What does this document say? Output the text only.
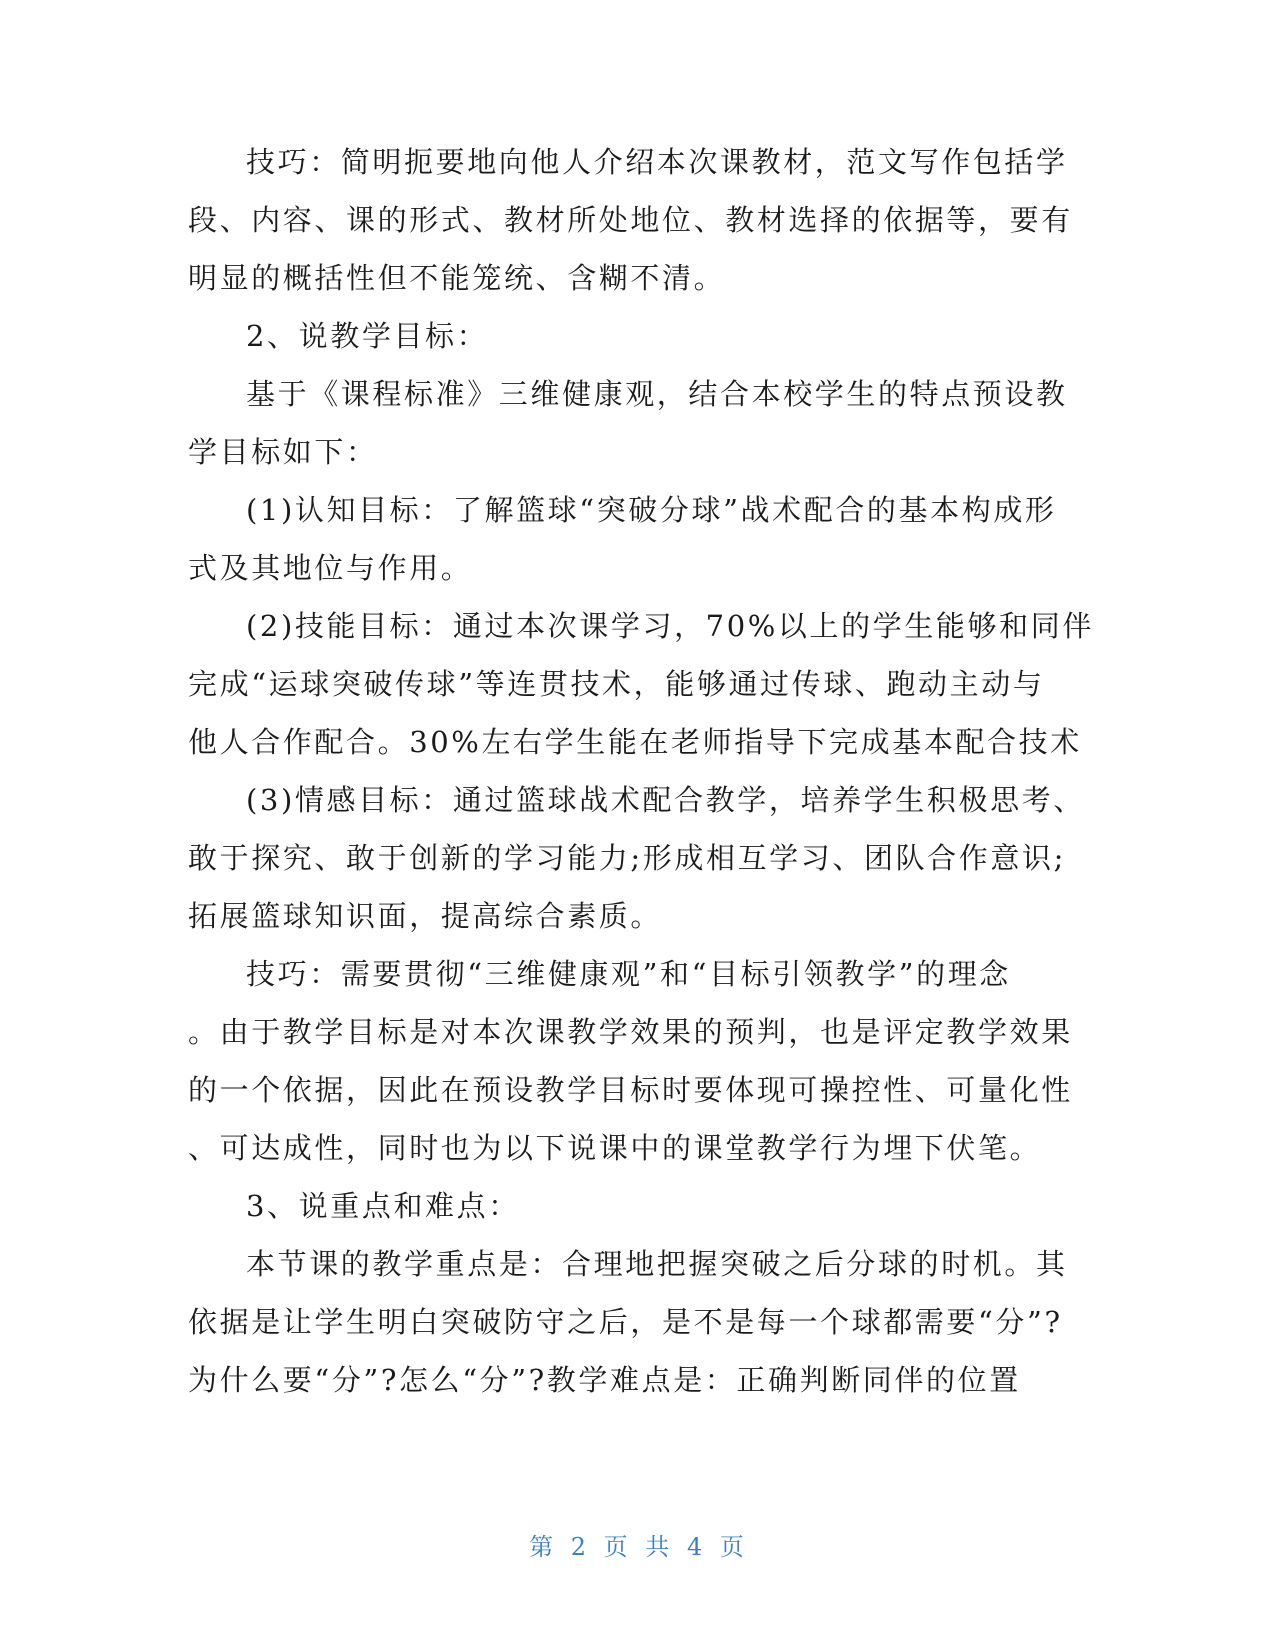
技巧：简明扼要地向他人介绍本次课教材，范文写作包括学
段、内容、课的形式、教材所处地位、教材选择的依据等，要有
明显的概括性但不能笼统、含糊不清。
2、说教学目标：
基于《课程标准》三维健康观，结合本校学生的特点预设教
学目标如下：
(1)认知目标：了解篮球“突破分球”战术配合的基本构成形
式及其地位与作用。
(2)技能目标：通过本次课学习，70%以上的学生能够和同伴
完成“运球突破传球”等连贯技术，能够通过传球、跑动主动与
他人合作配合。30%左右学生能在老师指导下完成基本配合技术
(3)情感目标：通过篮球战术配合教学，培养学生积极思考、
敢于探究、敢于创新的学习能力;形成相互学习、团队合作意识;
拓展篮球知识面，提高综合素质。
技巧：需要贯彻“三维健康观”和“目标引领教学”的理念
。由于教学目标是对本次课教学效果的预判，也是评定教学效果
的一个依据，因此在预设教学目标时要体现可操控性、可量化性
、可达成性，同时也为以下说课中的课堂教学行为埋下伏笔。
3、说重点和难点：
本节课的教学重点是：合理地把握突破之后分球的时机。其
依据是让学生明白突破防守之后，是不是每一个球都需要“分”?
为什么要“分”?怎么“分”?教学难点是：正确判断同伴的位置
第 2 页 共 4 页
